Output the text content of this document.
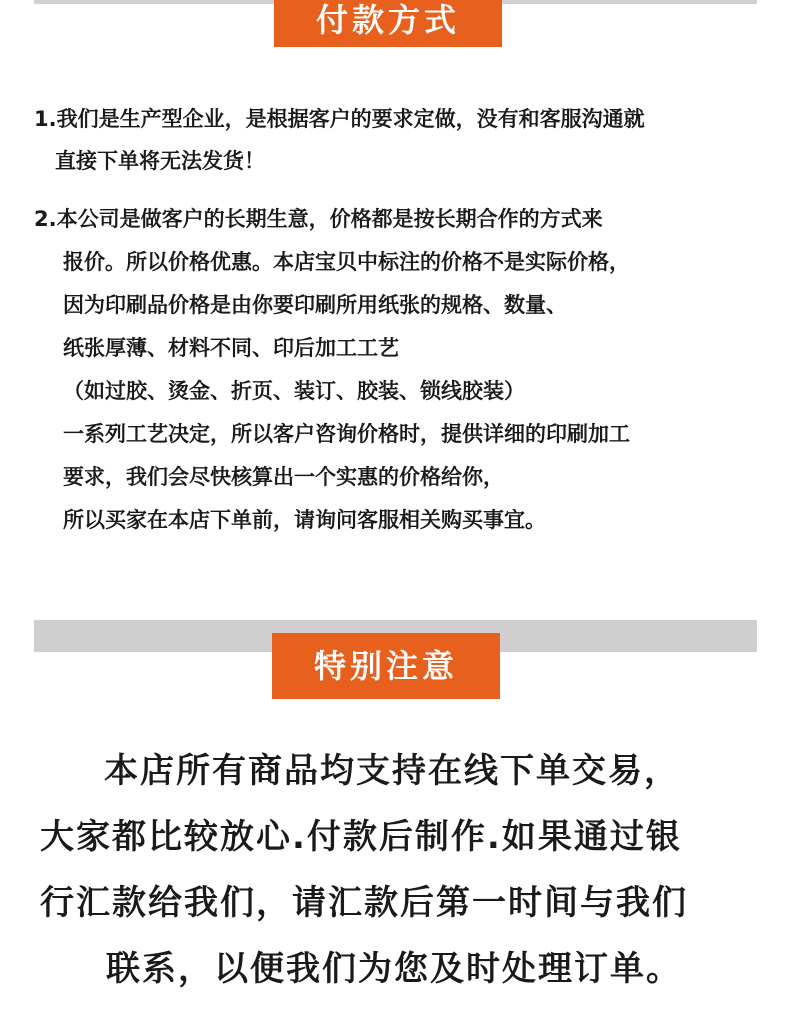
付款方式
1.我们是生产型企业，是根据客户的要求定做，没有和客服沟通就
直接下单将无法发货！
2.本公司是做客户的长期生意，价格都是按长期合作的方式来
报价。所以价格优惠。本店宝贝中标注的价格不是实际价格，
因为印刷品价格是由你要印刷所用纸张的规格、数量、
纸张厚薄、材料不同、印后加工工艺
（如过胶、烫金、折页、装订、胶装、锁线胶装）
一系列工艺决定，所以客户咨询价格时，提供详细的印刷加工
要求，我们会尽快核算出一个实惠的价格给你，
所以买家在本店下单前，请询问客服相关购买事宜。
特别注意
本店所有商品均支持在线下单交易，
大家都比较放心.付款后制作.如果通过银
行汇款给我们，请汇款后第一时间与我们
联系，以便我们为您及时处理订单。
